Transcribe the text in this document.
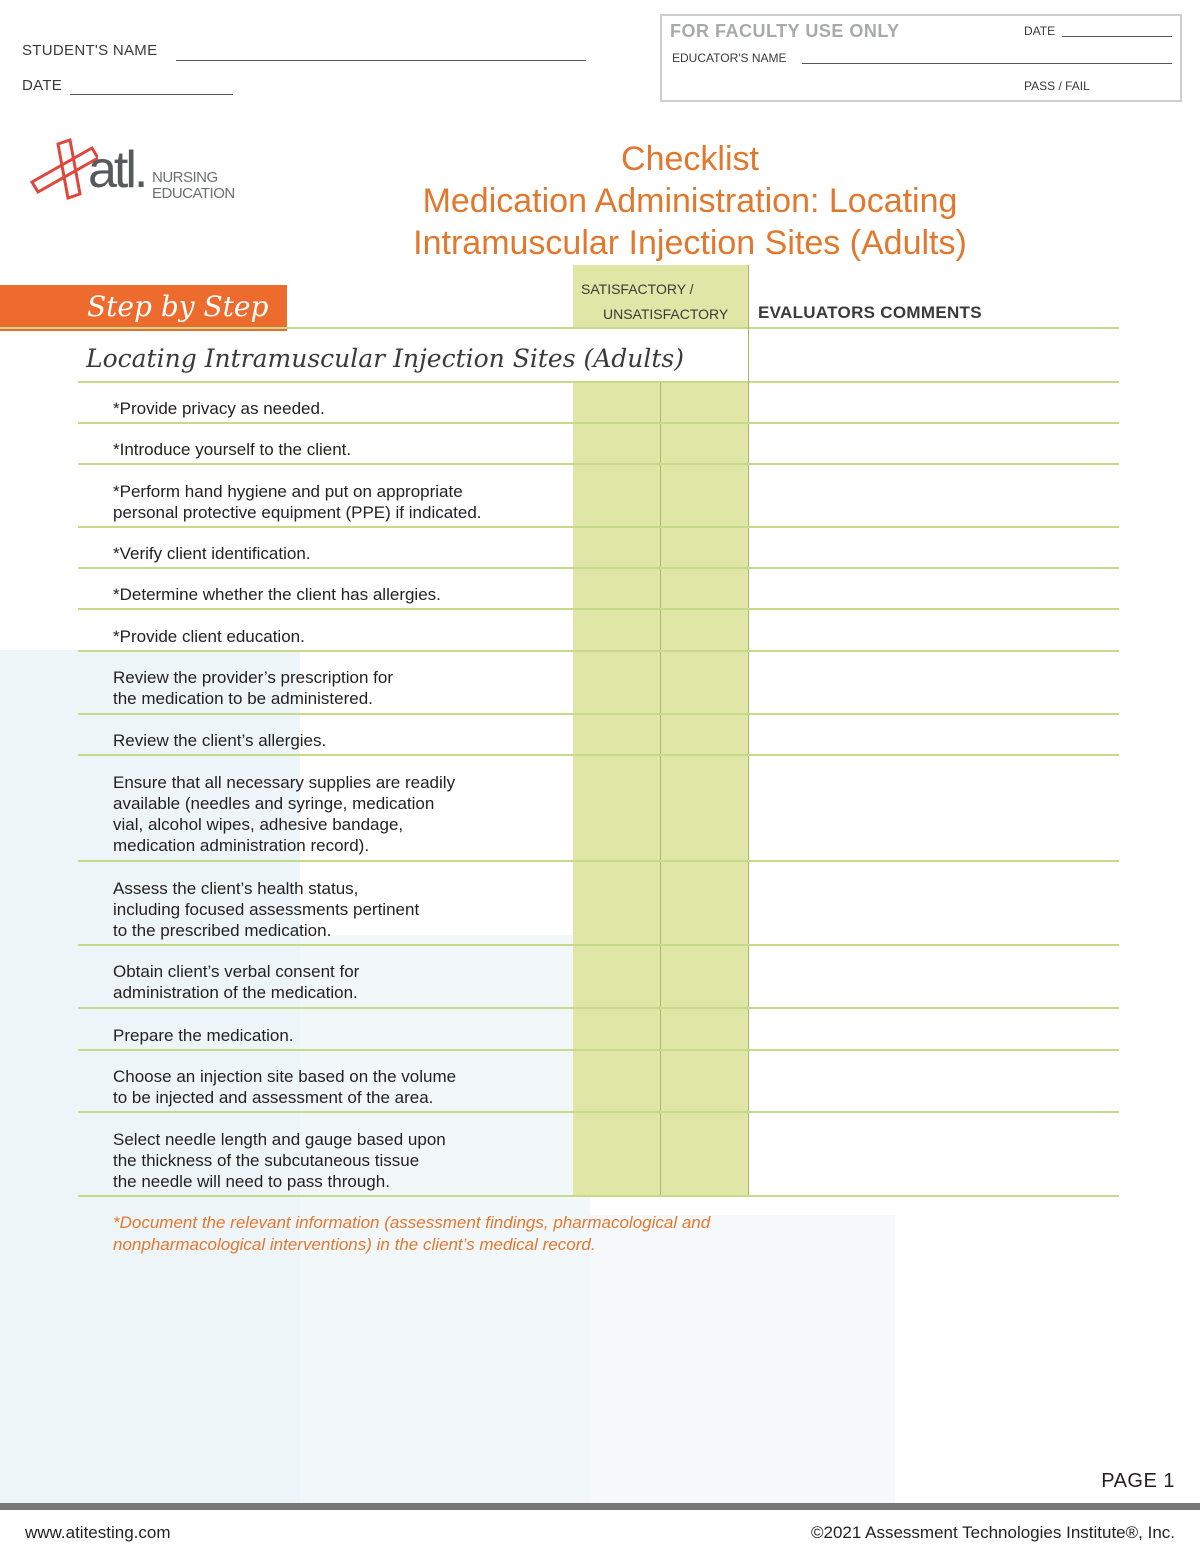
STUDENT'S NAME
DATE
FOR FACULTY USE ONLY	DATE
EDUCATOR'S NAME
PASS / FAIL
atl. NURSING
EDUCATION
Checklist
Medication Administration: Locating
Intramuscular Injection Sites (Adults)
Step by Step
SATISFACTORY /
UNSATISFACTORY EVALUATORS COMMENTS
Locating Intramuscular Injection Sites (Adults)
*Provide privacy as needed.
*Introduce yourself to the client.
*Perform hand hygiene and put on appropriate
personal protective equipment (PPE) if indicated.
*Verify client identification.
*Determine whether the client has allergies.
*Provide client education.
Review the provider’s prescription for
the medication to be administered.
Review the client’s allergies.
Ensure that all necessary supplies are readily
available (needles and syringe, medication
vial, alcohol wipes, adhesive bandage,
medication administration record).
Assess the client’s health status,
including focused assessments pertinent
to the prescribed medication.
Obtain client’s verbal consent for
administration of the medication.
Prepare the medication.
Choose an injection site based on the volume
to be injected and assessment of the area.
Select needle length and gauge based upon
the thickness of the subcutaneous tissue
the needle will need to pass through.
*Document the relevant information (assessment findings, pharmacological and
nonpharmacological interventions) in the client’s medical record.
PAGE 1
www.atitesting.com	©2021 Assessment Technologies Institute®, Inc.
